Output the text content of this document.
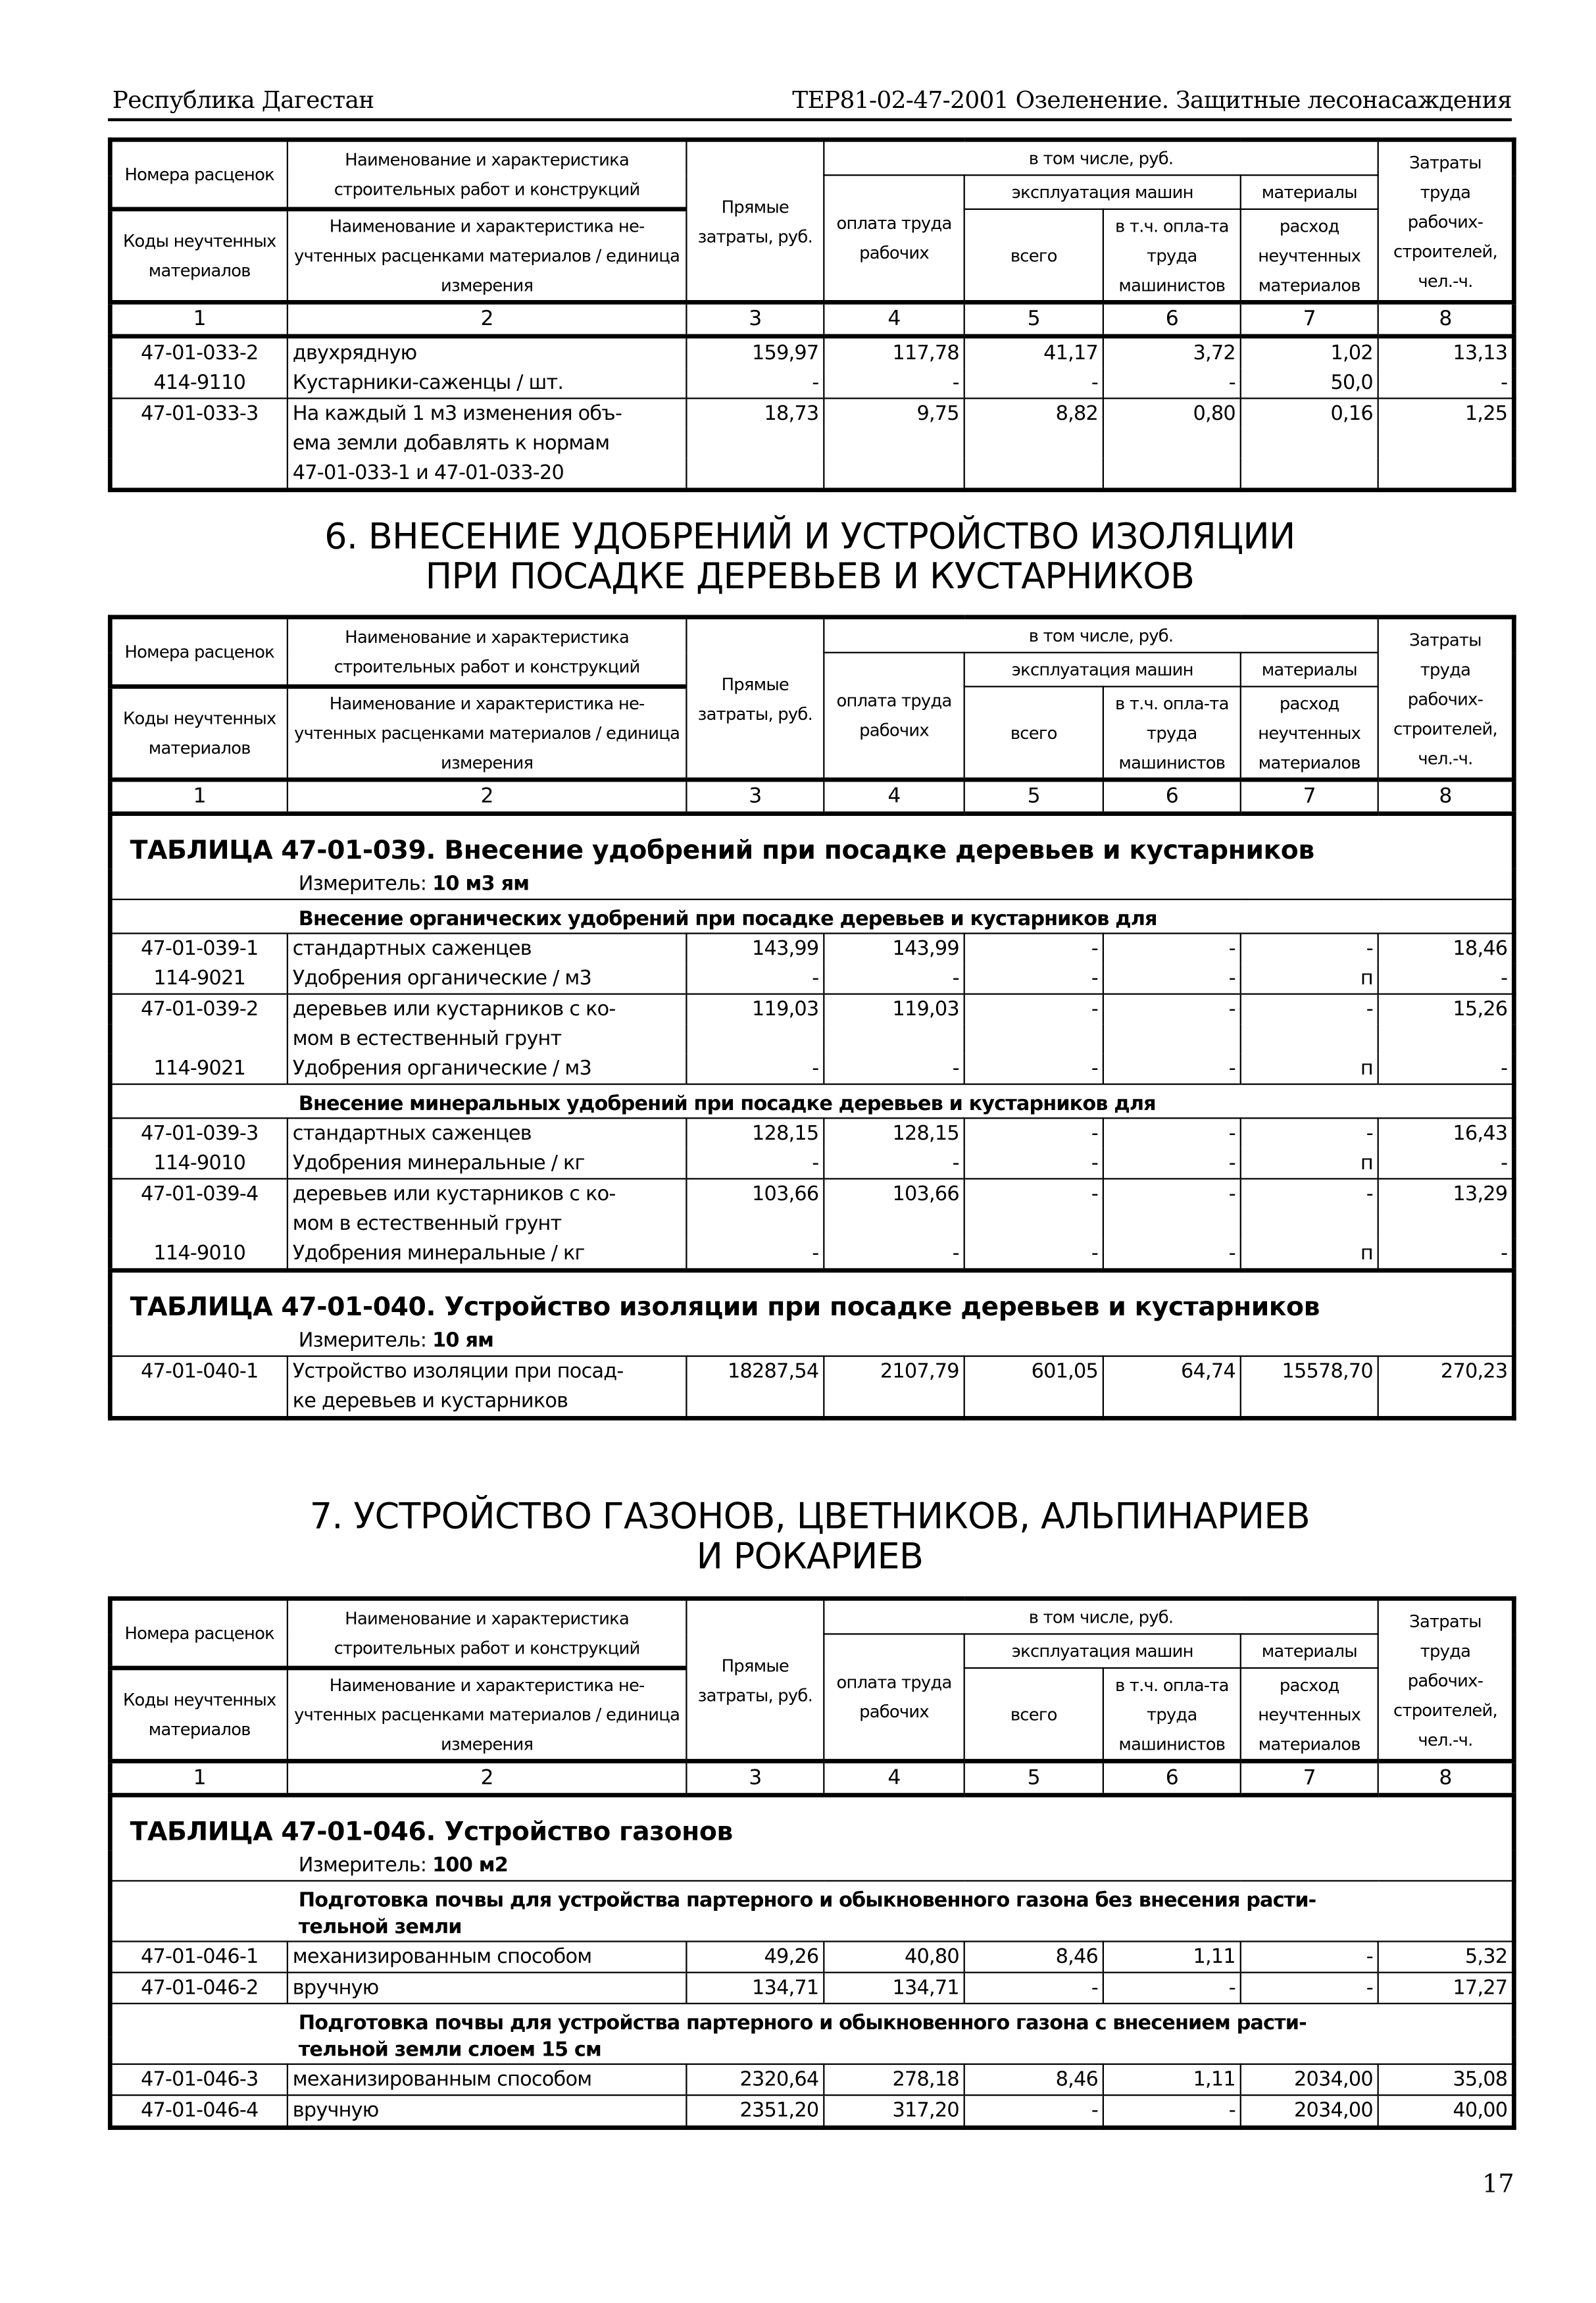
Республика Дагестан	ТЕР81-02-47-2001 Озеленение. Защитные лесонасаждения
Номера расценок	Наименование и характеристика строительных работ и конструкций	Прямые затраты, руб.	в том числе, руб.				Затраты труда рабочих-строителей, чел.-ч.
			оплата труда рабочих	эксплуатация машин		материалы	
Коды неучтенных материалов	Наименование и характеристика не-учтенных расценками материалов / единица измерения			всего	в т.ч. опла-та труда машинистов	расход неучтенных материалов	
1	2	3	4	5	6	7	8
47-01-033-2	двухрядную	159,97	117,78	41,17	3,72	1,02	13,13
414-9110	Кустарники-саженцы / шт.	-	-	-	-	50,0	-
47-01-033-3	На каждый 1 м3 изменения объ-	18,73	9,75	8,82	0,80	0,16	1,25
	ема земли добавлять к нормам						
	47-01-033-1 и 47-01-033-20						
6. ВНЕСЕНИЕ УДОБРЕНИЙ И УСТРОЙСТВО ИЗОЛЯЦИИ
ПРИ ПОСАДКЕ ДЕРЕВЬЕВ И КУСТАРНИКОВ
Номера расценок	Наименование и характеристика строительных работ и конструкций	Прямые затраты, руб.	в том числе, руб.				Затраты труда рабочих-строителей, чел.-ч.
			оплата труда рабочих	эксплуатация машин		материалы	
Коды неучтенных материалов	Наименование и характеристика не-учтенных расценками материалов / единица измерения			всего	в т.ч. опла-та труда машинистов	расход неучтенных материалов	
1	2	3	4	5	6	7	8
ТАБЛИЦА 47-01-039. Внесение удобрений при посадке деревьев и кустарников							
Измеритель: 10 м3 ям							
Внесение органических удобрений при посадке деревьев и кустарников для							
47-01-039-1	стандартных саженцев	143,99	143,99	-	-	-	18,46
114-9021	Удобрения органические / м3	-	-	-	-	п	-
47-01-039-2	деревьев или кустарников с ко-	119,03	119,03	-	-	-	15,26
	мом в естественный грунт						
114-9021	Удобрения органические / м3	-	-	-	-	п	-
Внесение минеральных удобрений при посадке деревьев и кустарников для							
47-01-039-3	стандартных саженцев	128,15	128,15	-	-	-	16,43
114-9010	Удобрения минеральные / кг	-	-	-	-	п	-
47-01-039-4	деревьев или кустарников с ко-	103,66	103,66	-	-	-	13,29
	мом в естественный грунт						
114-9010	Удобрения минеральные / кг	-	-	-	-	п	-
ТАБЛИЦА 47-01-040. Устройство изоляции при посадке деревьев и кустарников							
Измеритель: 10 ям							
47-01-040-1	Устройство изоляции при посад-	18287,54	2107,79	601,05	64,74	15578,70	270,23
	ке деревьев и кустарников						
7. УСТРОЙСТВО ГАЗОНОВ, ЦВЕТНИКОВ, АЛЬПИНАРИЕВ
И РОКАРИЕВ
Номера расценок	Наименование и характеристика строительных работ и конструкций	Прямые затраты, руб.	в том числе, руб.				Затраты труда рабочих-строителей, чел.-ч.
			оплата труда рабочих	эксплуатация машин		материалы	
Коды неучтенных материалов	Наименование и характеристика не-учтенных расценками материалов / единица измерения			всего	в т.ч. опла-та труда машинистов	расход неучтенных материалов	
1	2	3	4	5	6	7	8
ТАБЛИЦА 47-01-046. Устройство газонов							
Измеритель: 100 м2							
Подготовка почвы для устройства партерного и обыкновенного газона без внесения расти-							
тельной земли							
47-01-046-1	механизированным способом	49,26	40,80	8,46	1,11	-	5,32
47-01-046-2	вручную	134,71	134,71	-	-	-	17,27
Подготовка почвы для устройства партерного и обыкновенного газона с внесением расти-							
тельной земли слоем 15 см							
47-01-046-3	механизированным способом	2320,64	278,18	8,46	1,11	2034,00	35,08
47-01-046-4	вручную	2351,20	317,20	-	-	2034,00	40,00
17
